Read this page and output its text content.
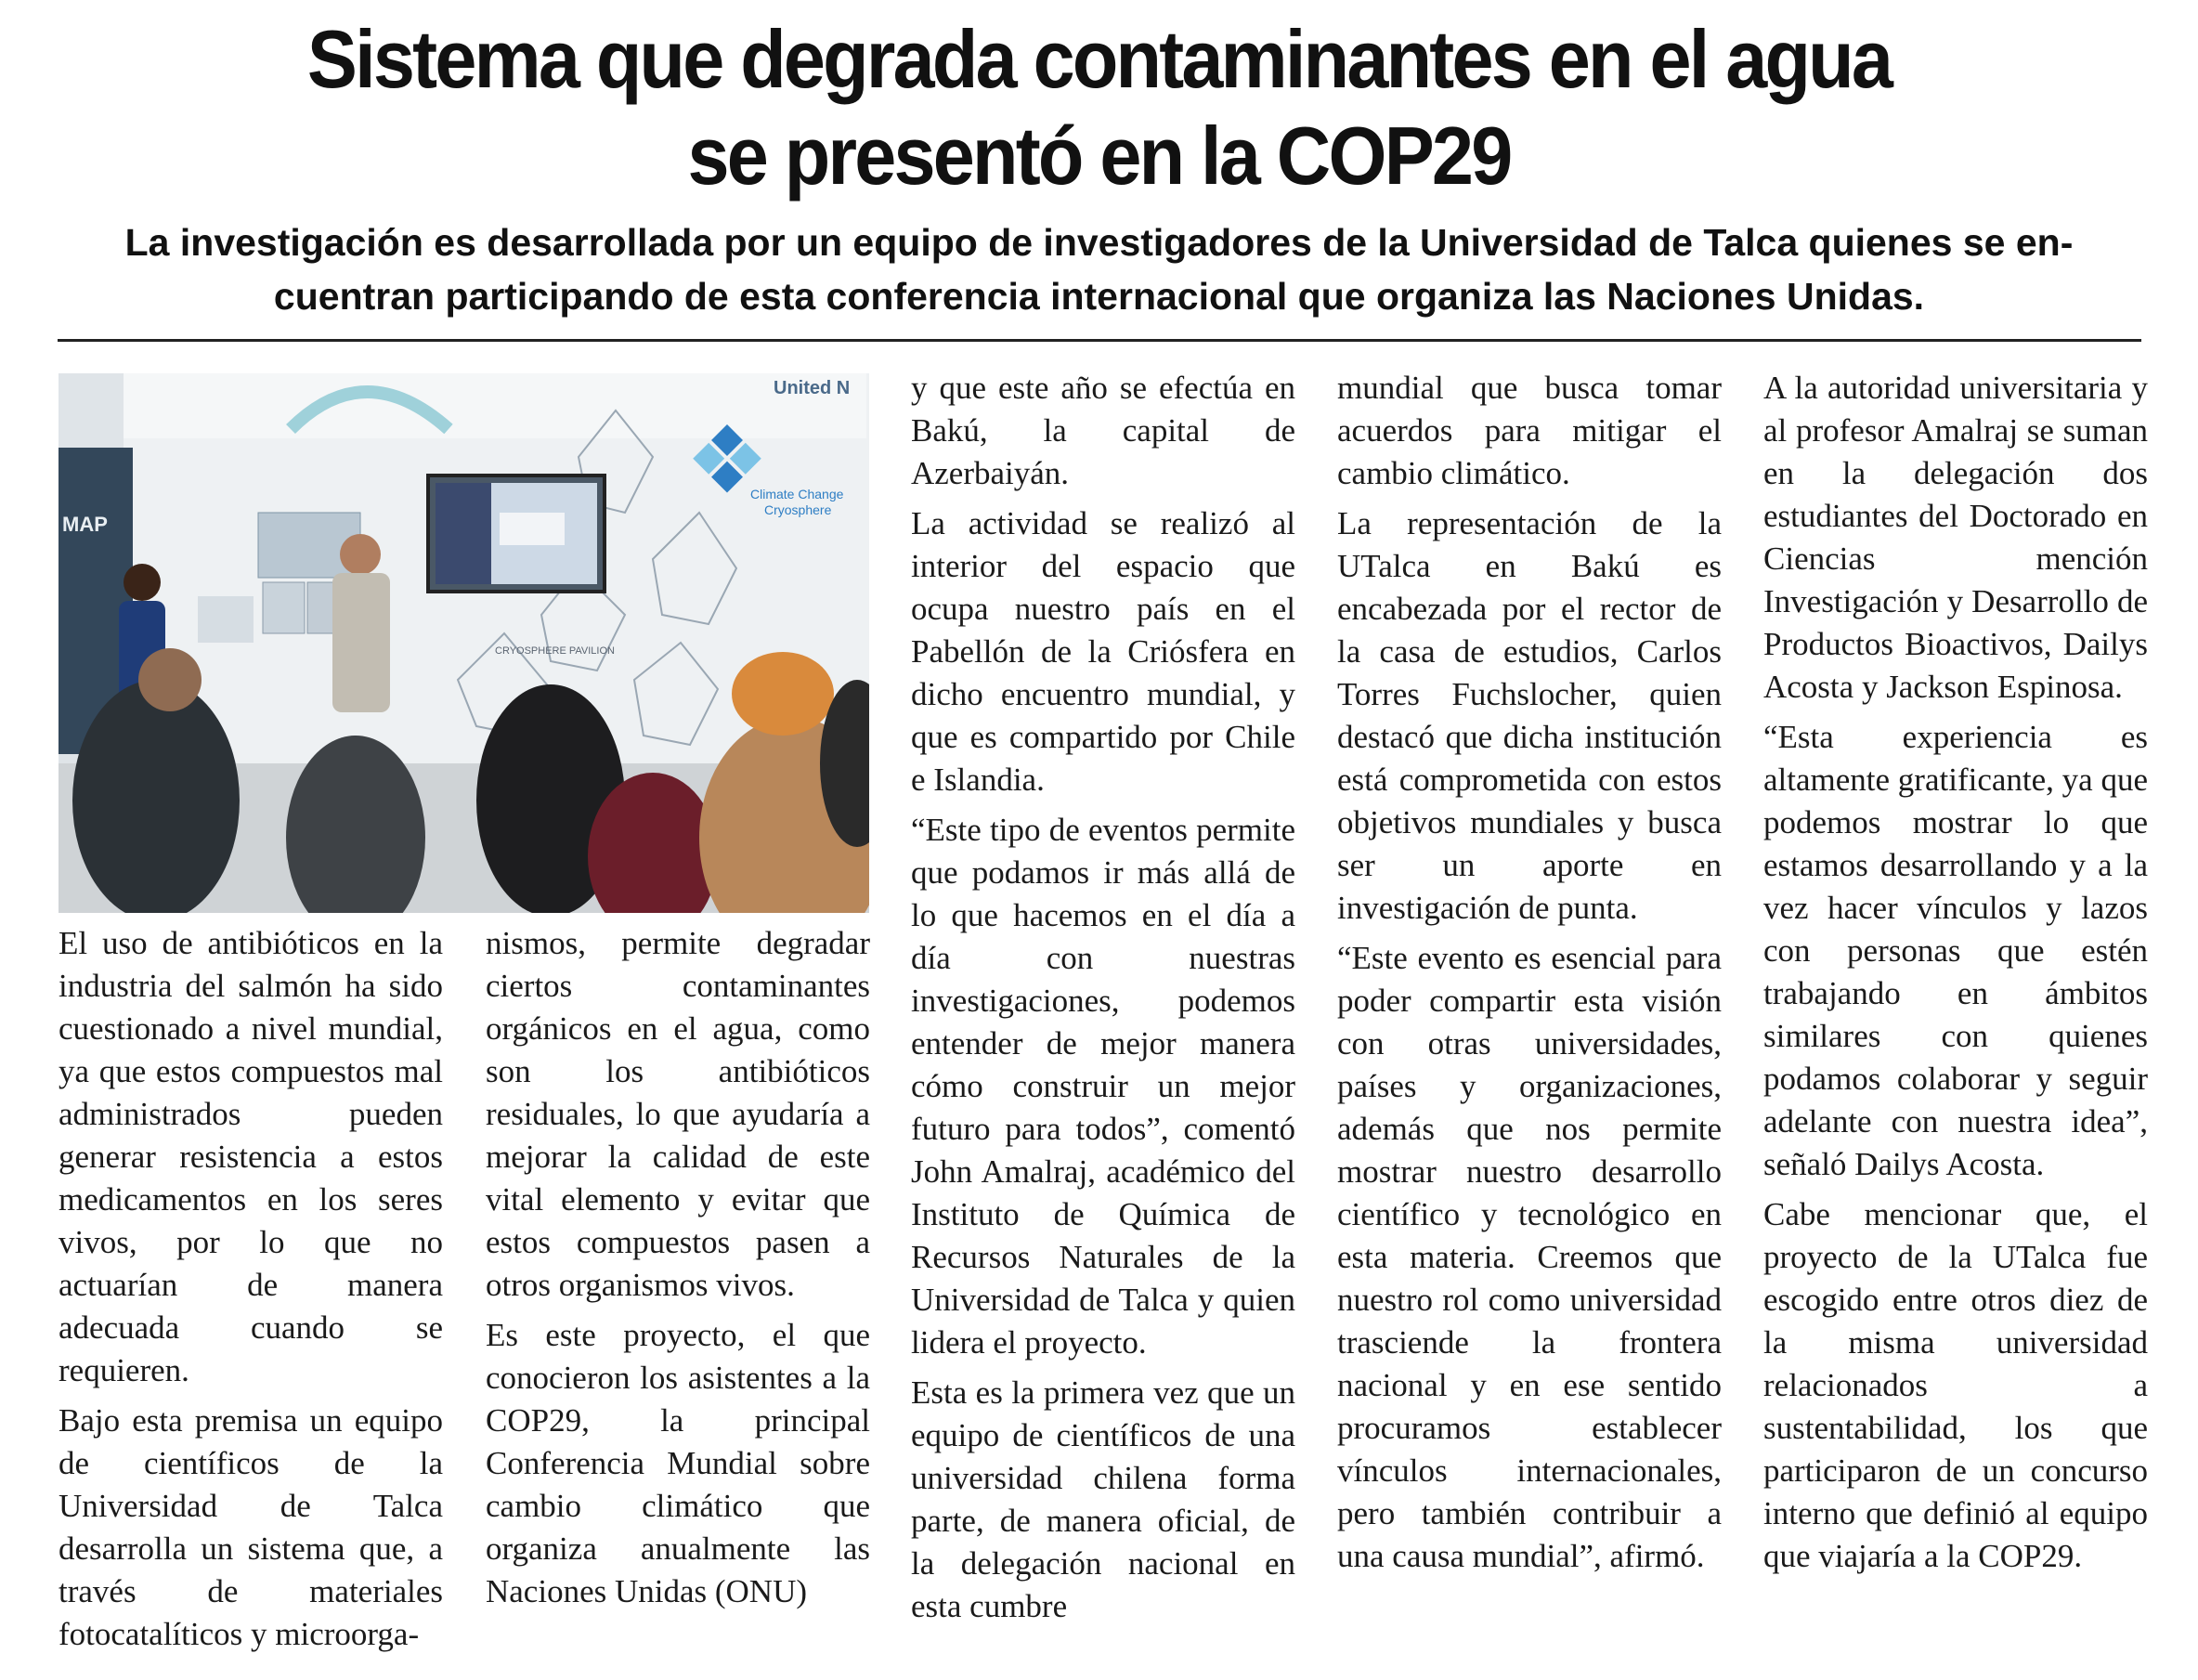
Sistema que degrada contaminantes en el agua
se presentó en la COP29
La investigación es desarrollada por un equipo de investigadores de la Universidad de Talca quienes se en-
cuentran participando de esta conferencia internacional que organiza las Naciones Unidas.
MAP
United N
Climate Change
Cryosphere
CRYOSPHERE PAVILION

El uso de antibióticos en la industria del salmón ha sido cuestionado a nivel mundial, ya que estos compuestos mal administrados pueden generar resistencia a estos medicamentos en los seres vivos, por lo que no actuarían de manera adecuada cuando se requieren.

Bajo esta premisa un equipo de científicos de la Universidad de Talca desarrolla un sistema que, a través de materiales fotocatalíticos y microorga-

nismos, permite degradar ciertos contaminantes orgánicos en el agua, como son los antibióticos residuales, lo que ayudaría a mejorar la calidad de este vital elemento y evitar que estos compuestos pasen a otros organismos vivos.

Es este proyecto, el que conocieron los asistentes a la COP29, la principal Conferencia Mundial sobre cambio climático que organiza anualmente las Naciones Unidas (ONU)

y que este año se efectúa en Bakú, la capital de Azerbaiyán.

La actividad se realizó al interior del espacio que ocupa nuestro país en el Pabellón de la Criósfera en dicho encuentro mundial, y que es compartido por Chile e Islandia.

“Este tipo de eventos permite que podamos ir más allá de lo que hacemos en el día a día con nuestras investigaciones, podemos entender de mejor manera cómo construir un mejor futuro para todos”, comentó John Amalraj, académico del Instituto de Química de Recursos Naturales de la Universidad de Talca y quien lidera el proyecto.

Esta es la primera vez que un equipo de científicos de una universidad chilena forma parte, de manera oficial, de la delegación nacional en esta cumbre

mundial que busca tomar acuerdos para mitigar el cambio climático.

La representación de la UTalca en Bakú es encabezada por el rector de la casa de estudios, Carlos Torres Fuchslocher, quien destacó que dicha institución está comprometida con estos objetivos mundiales y busca ser un aporte en investigación de punta.

“Este evento es esencial para poder compartir esta visión con otras universidades, países y organizaciones, además que nos permite mostrar nuestro desarrollo científico y tecnológico en esta materia. Creemos que nuestro rol como universidad trasciende la frontera nacional y en ese sentido procuramos establecer vínculos internacionales, pero también contribuir a una causa mundial”, afirmó.

A la autoridad universitaria y al profesor Amalraj se suman en la delegación dos estudiantes del Doctorado en Ciencias mención Investigación y Desarrollo de Productos Bioactivos, Dailys Acosta y Jackson Espinosa.

“Esta experiencia es altamente gratificante, ya que podemos mostrar lo que estamos desarrollando y a la vez hacer vínculos y lazos con personas que estén trabajando en ámbitos similares con quienes podamos colaborar y seguir adelante con nuestra idea”, señaló Dailys Acosta.

Cabe mencionar que, el proyecto de la UTalca fue escogido entre otros diez de la misma universidad relacionados a sustentabilidad, los que participaron de un concurso interno que definió al equipo que viajaría a la COP29.
